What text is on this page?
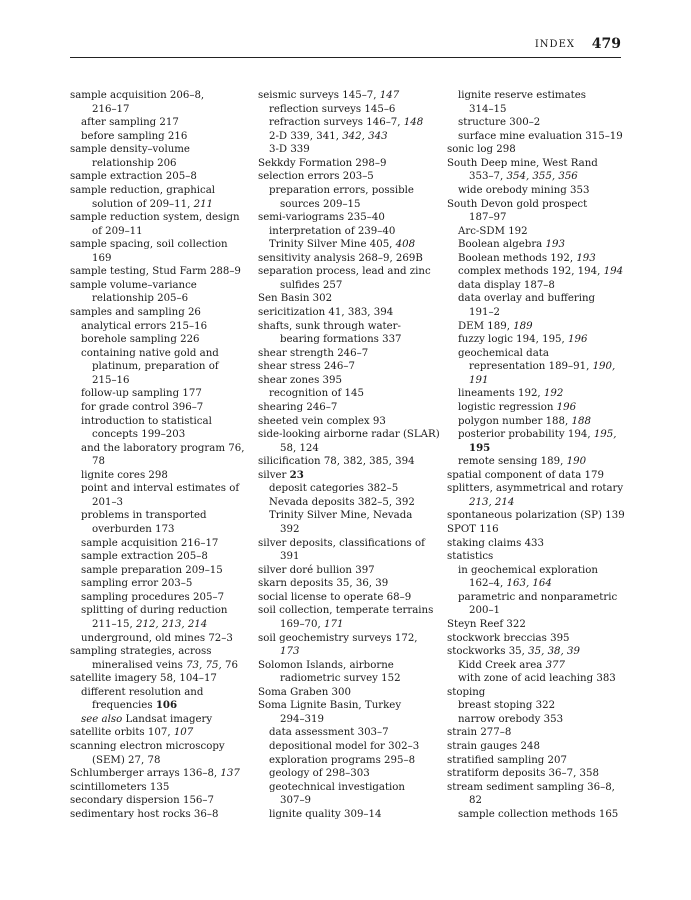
INDEX 479
sample acquisition 206–8,
216–17
after sampling 217
before sampling 216
sample density–volume
relationship 206
sample extraction 205–8
sample reduction, graphical
solution of 209–11, 211
sample reduction system, design
of 209–11
sample spacing, soil collection
169
sample testing, Stud Farm 288–9
sample volume–variance
relationship 205–6
samples and sampling 26
analytical errors 215–16
borehole sampling 226
containing native gold and
platinum, preparation of
215–16
follow-up sampling 177
for grade control 396–7
introduction to statistical
concepts 199–203
and the laboratory program 76,
78
lignite cores 298
point and interval estimates of
201–3
problems in transported
overburden 173
sample acquisition 216–17
sample extraction 205–8
sample preparation 209–15
sampling error 203–5
sampling procedures 205–7
splitting of during reduction
211–15, 212, 213, 214
underground, old mines 72–3
sampling strategies, across
mineralised veins 73, 75, 76
satellite imagery 58, 104–17
different resolution and
frequencies 106
see also Landsat imagery
satellite orbits 107, 107
scanning electron microscopy
(SEM) 27, 78
Schlumberger arrays 136–8, 137
scintillometers 135
secondary dispersion 156–7
sedimentary host rocks 36–8
seismic surveys 145–7, 147
reflection surveys 145–6
refraction surveys 146–7, 148
2-D 339, 341, 342, 343
3-D 339
Sekkdy Formation 298–9
selection errors 203–5
preparation errors, possible
sources 209–15
semi-variograms 235–40
interpretation of 239–40
Trinity Silver Mine 405, 408
sensitivity analysis 268–9, 269B
separation process, lead and zinc
sulfides 257
Sen Basin 302
sericitization 41, 383, 394
shafts, sunk through water-
bearing formations 337
shear strength 246–7
shear stress 246–7
shear zones 395
recognition of 145
shearing 246–7
sheeted vein complex 93
side-looking airborne radar (SLAR)
58, 124
silicification 78, 382, 385, 394
silver 23
deposit categories 382–5
Nevada deposits 382–5, 392
Trinity Silver Mine, Nevada
392
silver deposits, classifications of
391
silver doré bullion 397
skarn deposits 35, 36, 39
social license to operate 68–9
soil collection, temperate terrains
169–70, 171
soil geochemistry surveys 172,
173
Solomon Islands, airborne
radiometric survey 152
Soma Graben 300
Soma Lignite Basin, Turkey
294–319
data assessment 303–7
depositional model for 302–3
exploration programs 295–8
geology of 298–303
geotechnical investigation
307–9
lignite quality 309–14
lignite reserve estimates
314–15
structure 300–2
surface mine evaluation 315–19
sonic log 298
South Deep mine, West Rand
353–7, 354, 355, 356
wide orebody mining 353
South Devon gold prospect
187–97
Arc-SDM 192
Boolean algebra 193
Boolean methods 192, 193
complex methods 192, 194, 194
data display 187–8
data overlay and buffering
191–2
DEM 189, 189
fuzzy logic 194, 195, 196
geochemical data
representation 189–91, 190,
191
lineaments 192, 192
logistic regression 196
polygon number 188, 188
posterior probability 194, 195,
195
remote sensing 189, 190
spatial component of data 179
splitters, asymmetrical and rotary
213, 214
spontaneous polarization (SP) 139
SPOT 116
staking claims 433
statistics
in geochemical exploration
162–4, 163, 164
parametric and nonparametric
200–1
Steyn Reef 322
stockwork breccias 395
stockworks 35, 35, 38, 39
Kidd Creek area 377
with zone of acid leaching 383
stoping
breast stoping 322
narrow orebody 353
strain 277–8
strain gauges 248
stratified sampling 207
stratiform deposits 36–7, 358
stream sediment sampling 36–8,
82
sample collection methods 165
